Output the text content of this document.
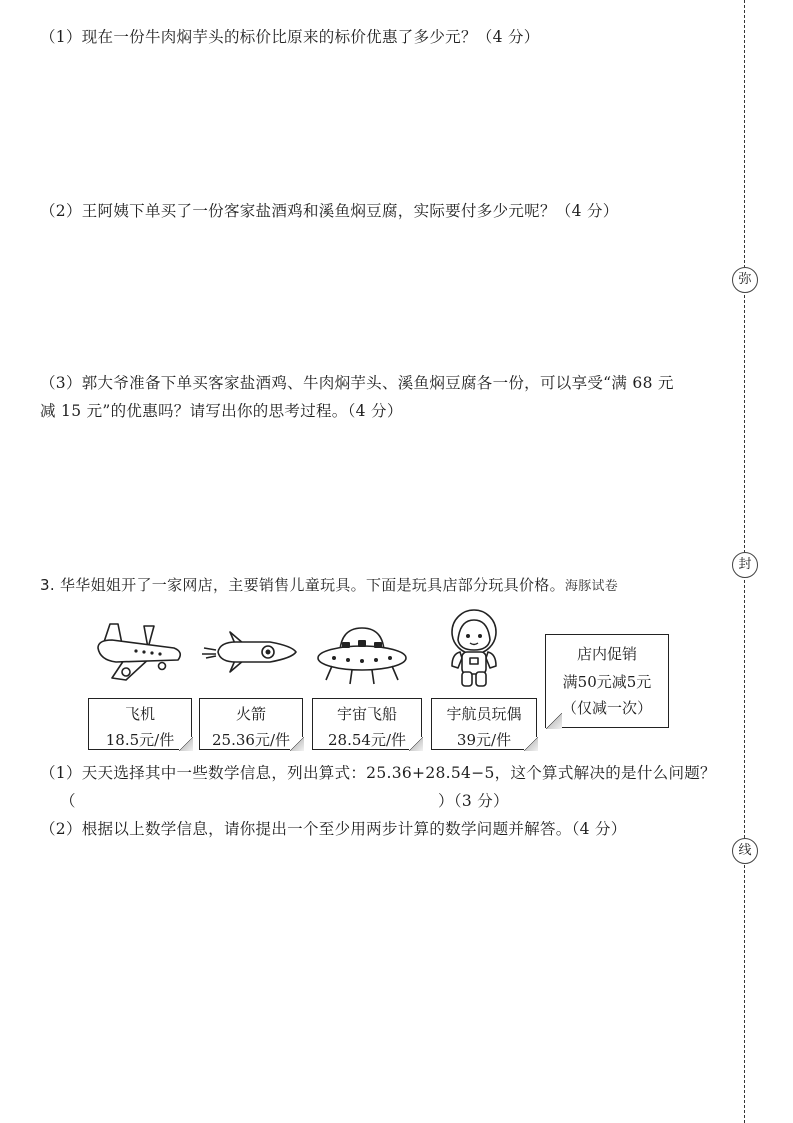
弥
封
线
（1）现在一份牛肉焖芋头的标价比原来的标价优惠了多少元？（4 分）
（2）王阿姨下单买了一份客家盐酒鸡和溪鱼焖豆腐，实际要付多少元呢？（4 分）
（3）郭大爷准备下单买客家盐酒鸡、牛肉焖芋头、溪鱼焖豆腐各一份，可以享受“满 68 元
减 15 元”的优惠吗？请写出你的思考过程。（4 分）
3. 华华姐姐开了一家网店，主要销售儿童玩具。下面是玩具店部分玩具价格。海豚试卷
飞机
18.5元/件
火箭
25.36元/件
宇宙飞船
28.54元/件
宇航员玩偶
39元/件
店内促销
满50元减5元
（仅减一次）
（1）天天选择其中一些数学信息，列出算式：25.36+28.54−5，这个算式解决的是什么问题？
（	）（3 分）
（2）根据以上数学信息，请你提出一个至少用两步计算的数学问题并解答。（4 分）
